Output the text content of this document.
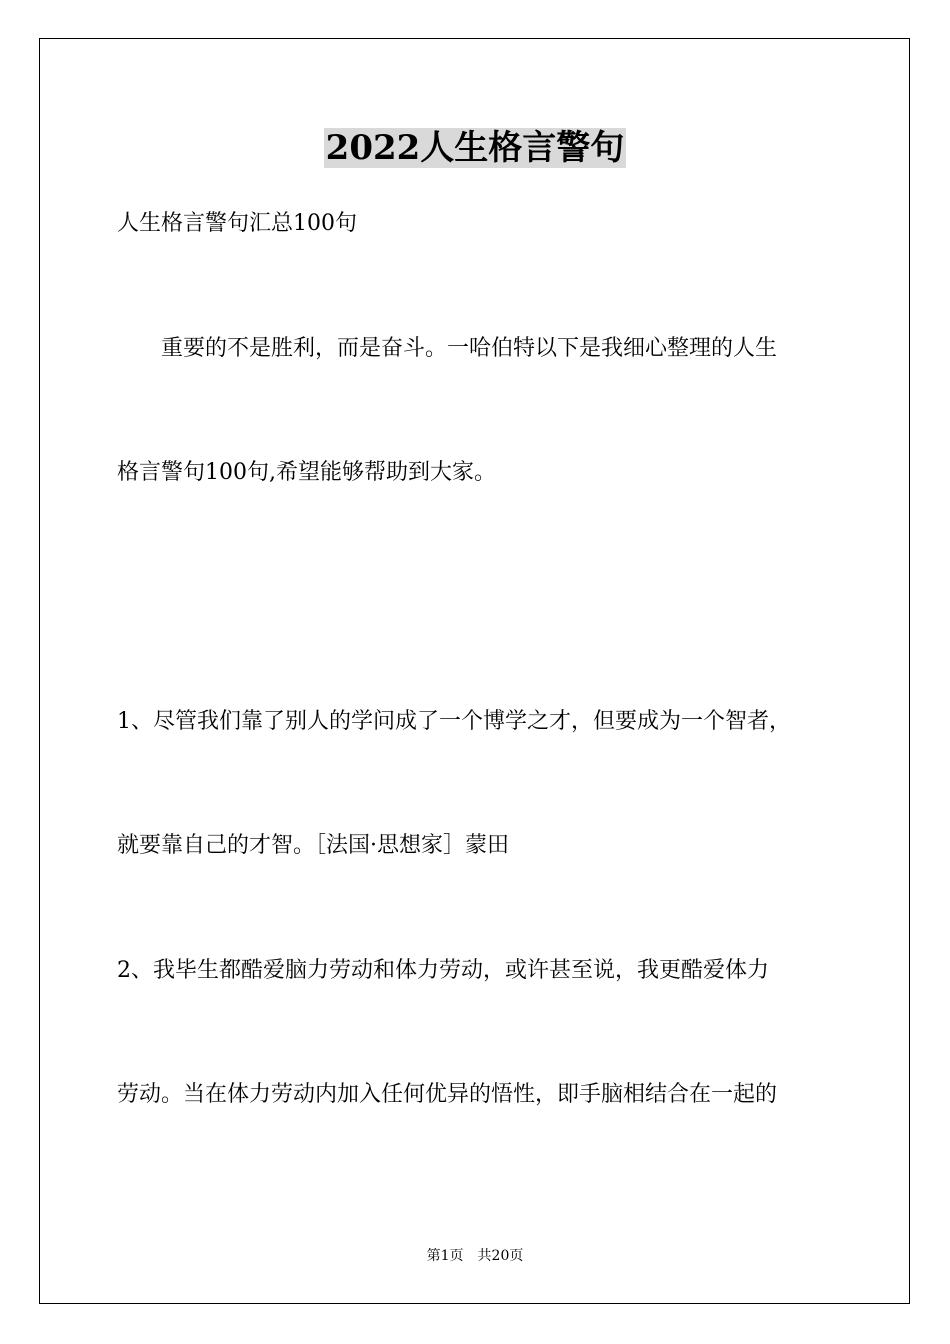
2022人生格言警句

人生格言警句汇总100句

　　重要的不是胜利，而是奋斗。一哈伯特以下是我细心整理的人生

格言警句100句,希望能够帮助到大家。

1、尽管我们靠了别人的学问成了一个博学之才，但要成为一个智者，

就要靠自己的才智。［法国·思想家］蒙田

2、我毕生都酷爱脑力劳动和体力劳动，或许甚至说，我更酷爱体力

劳动。当在体力劳动内加入任何优异的悟性，即手脑相结合在一起的

第1页　共20页
